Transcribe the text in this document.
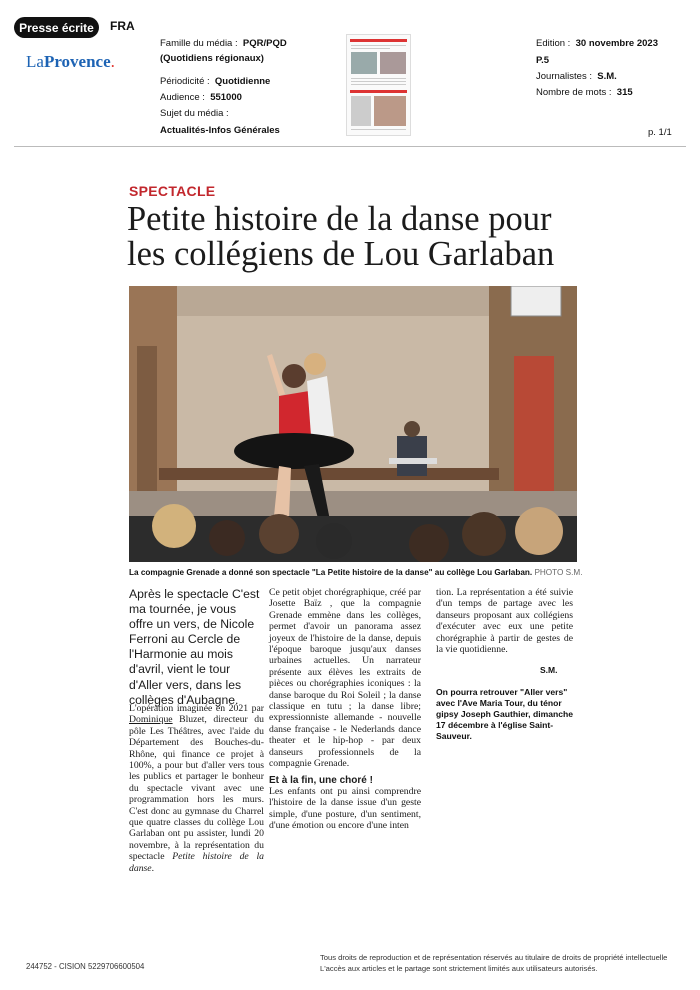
Presse écrite FRA
LaProvence.
Famille du média : PQR/PQD
(Quotidiens régionaux)
Périodicité : Quotidienne
Audience : 551000
Sujet du média :
Actualités-Infos Générales
Edition : 30 novembre 2023
P.5
Journalistes : S.M.
Nombre de mots : 315
p. 1/1
SPECTACLE
Petite histoire de la danse pour
les collégiens de Lou Garlaban
La compagnie Grenade a donné son spectacle "La Petite histoire de la danse" au collège Lou Garlaban. PHOTO S.M.
Après le spectacle C'est ma tournée, je vous offre un vers, de Nicole Ferroni au Cercle de l'Harmonie au mois d'avril, vient le tour d'Aller vers, dans les collèges d'Aubagne.
L'opération imaginée en 2021 par Dominique Bluzet, directeur du pôle Les Théâtres, avec l'aide du Département des Bouches-du-Rhône, qui finance ce projet à 100%, a pour but d'aller vers tous les publics et partager le bonheur du spectacle vivant avec une programmation hors les murs. C'est donc au gymnase du Charrel que quatre classes du collège Lou Garlaban ont pu assister, lundi 20 novembre, à la représentation du spectacle Petite histoire de la danse.
Ce petit objet chorégraphique, créé par Josette Baïz , que la compagnie Grenade emmène dans les collèges, permet d'avoir un panorama assez joyeux de l'histoire de la danse, depuis l'époque baroque jusqu'aux danses urbaines actuelles. Un narrateur présente aux élèves les extraits de pièces ou chorégraphies iconiques : la danse baroque du Roi Soleil ; la danse classique en tutu ; la danse libre; expressionniste allemande - nouvelle danse française - le Nederlands dance theater et le hip-hop - par deux danseurs professionnels de la compagnie Grenade.
Et à la fin, une choré !
Les enfants ont pu ainsi comprendre l'histoire de la danse issue d'un geste simple, d'une posture, d'un sentiment, d'une émotion ou encore d'une inten
tion. La représentation a été suivie d'un temps de partage avec les danseurs proposant aux collégiens d'exécuter avec eux une petite chorégraphie à partir de gestes de la vie quotidienne.
S.M.
On pourra retrouver "Aller vers" avec l'Ave Maria Tour, du ténor gipsy Joseph Gauthier, dimanche 17 décembre à l'église Saint-Sauveur.
244752 - CISION 5229706600504
Tous droits de reproduction et de représentation réservés au titulaire de droits de propriété intellectuelle
L'accès aux articles et le partage sont strictement limités aux utilisateurs autorisés.
